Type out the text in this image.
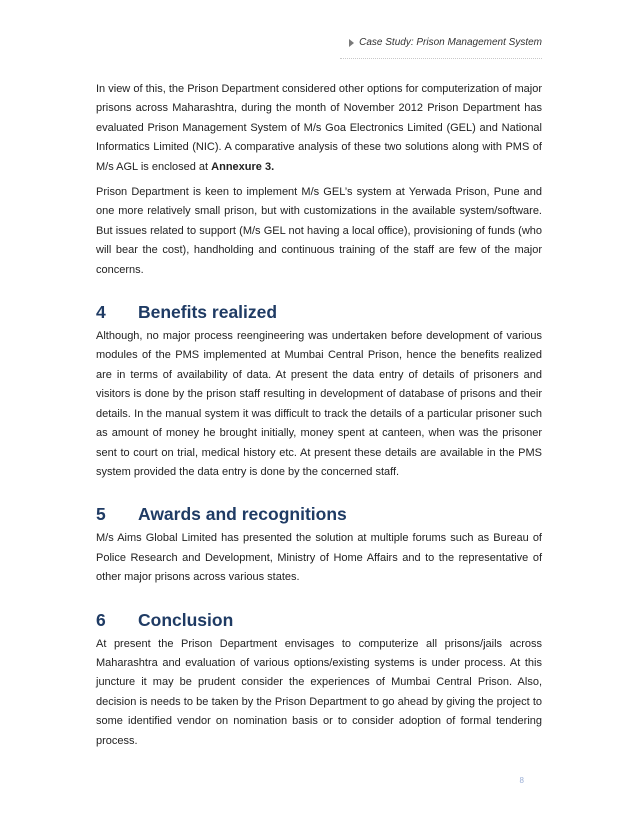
Case Study: Prison Management System

In view of this, the Prison Department considered other options for computerization of major prisons across Maharashtra, during the month of November 2012 Prison Department has evaluated Prison Management System of M/s Goa Electronics Limited (GEL) and National Informatics Limited (NIC). A comparative analysis of these two solutions along with PMS of M/s AGL is enclosed at Annexure 3.

Prison Department is keen to implement M/s GEL’s system at Yerwada Prison, Pune and one more relatively small prison, but with customizations in the available system/software. But issues related to support (M/s GEL not having a local office), provisioning of funds (who will bear the cost), handholding and continuous training of the staff are few of the major concerns.

4	Benefits realized

Although, no major process reengineering was undertaken before development of various modules of the PMS implemented at Mumbai Central Prison, hence the benefits realized are in terms of availability of data. At present the data entry of details of prisoners and visitors is done by the prison staff resulting in development of database of prisons and their details. In the manual system it was difficult to track the details of a particular prisoner such as amount of money he brought initially, money spent at canteen, when was the prisoner sent to court on trial, medical history etc. At present these details are available in the PMS system provided the data entry is done by the concerned staff.

5	Awards and recognitions

M/s Aims Global Limited has presented the solution at multiple forums such as Bureau of Police Research and Development, Ministry of Home Affairs and to the representative of other major prisons across various states.

6	Conclusion

At present the Prison Department envisages to computerize all prisons/jails across Maharashtra and evaluation of various options/existing systems is under process. At this juncture it may be prudent consider the experiences of Mumbai Central Prison. Also, decision is needs to be taken by the Prison Department to go ahead by giving the project to some identified vendor on nomination basis or to consider adoption of formal tendering process.

8
